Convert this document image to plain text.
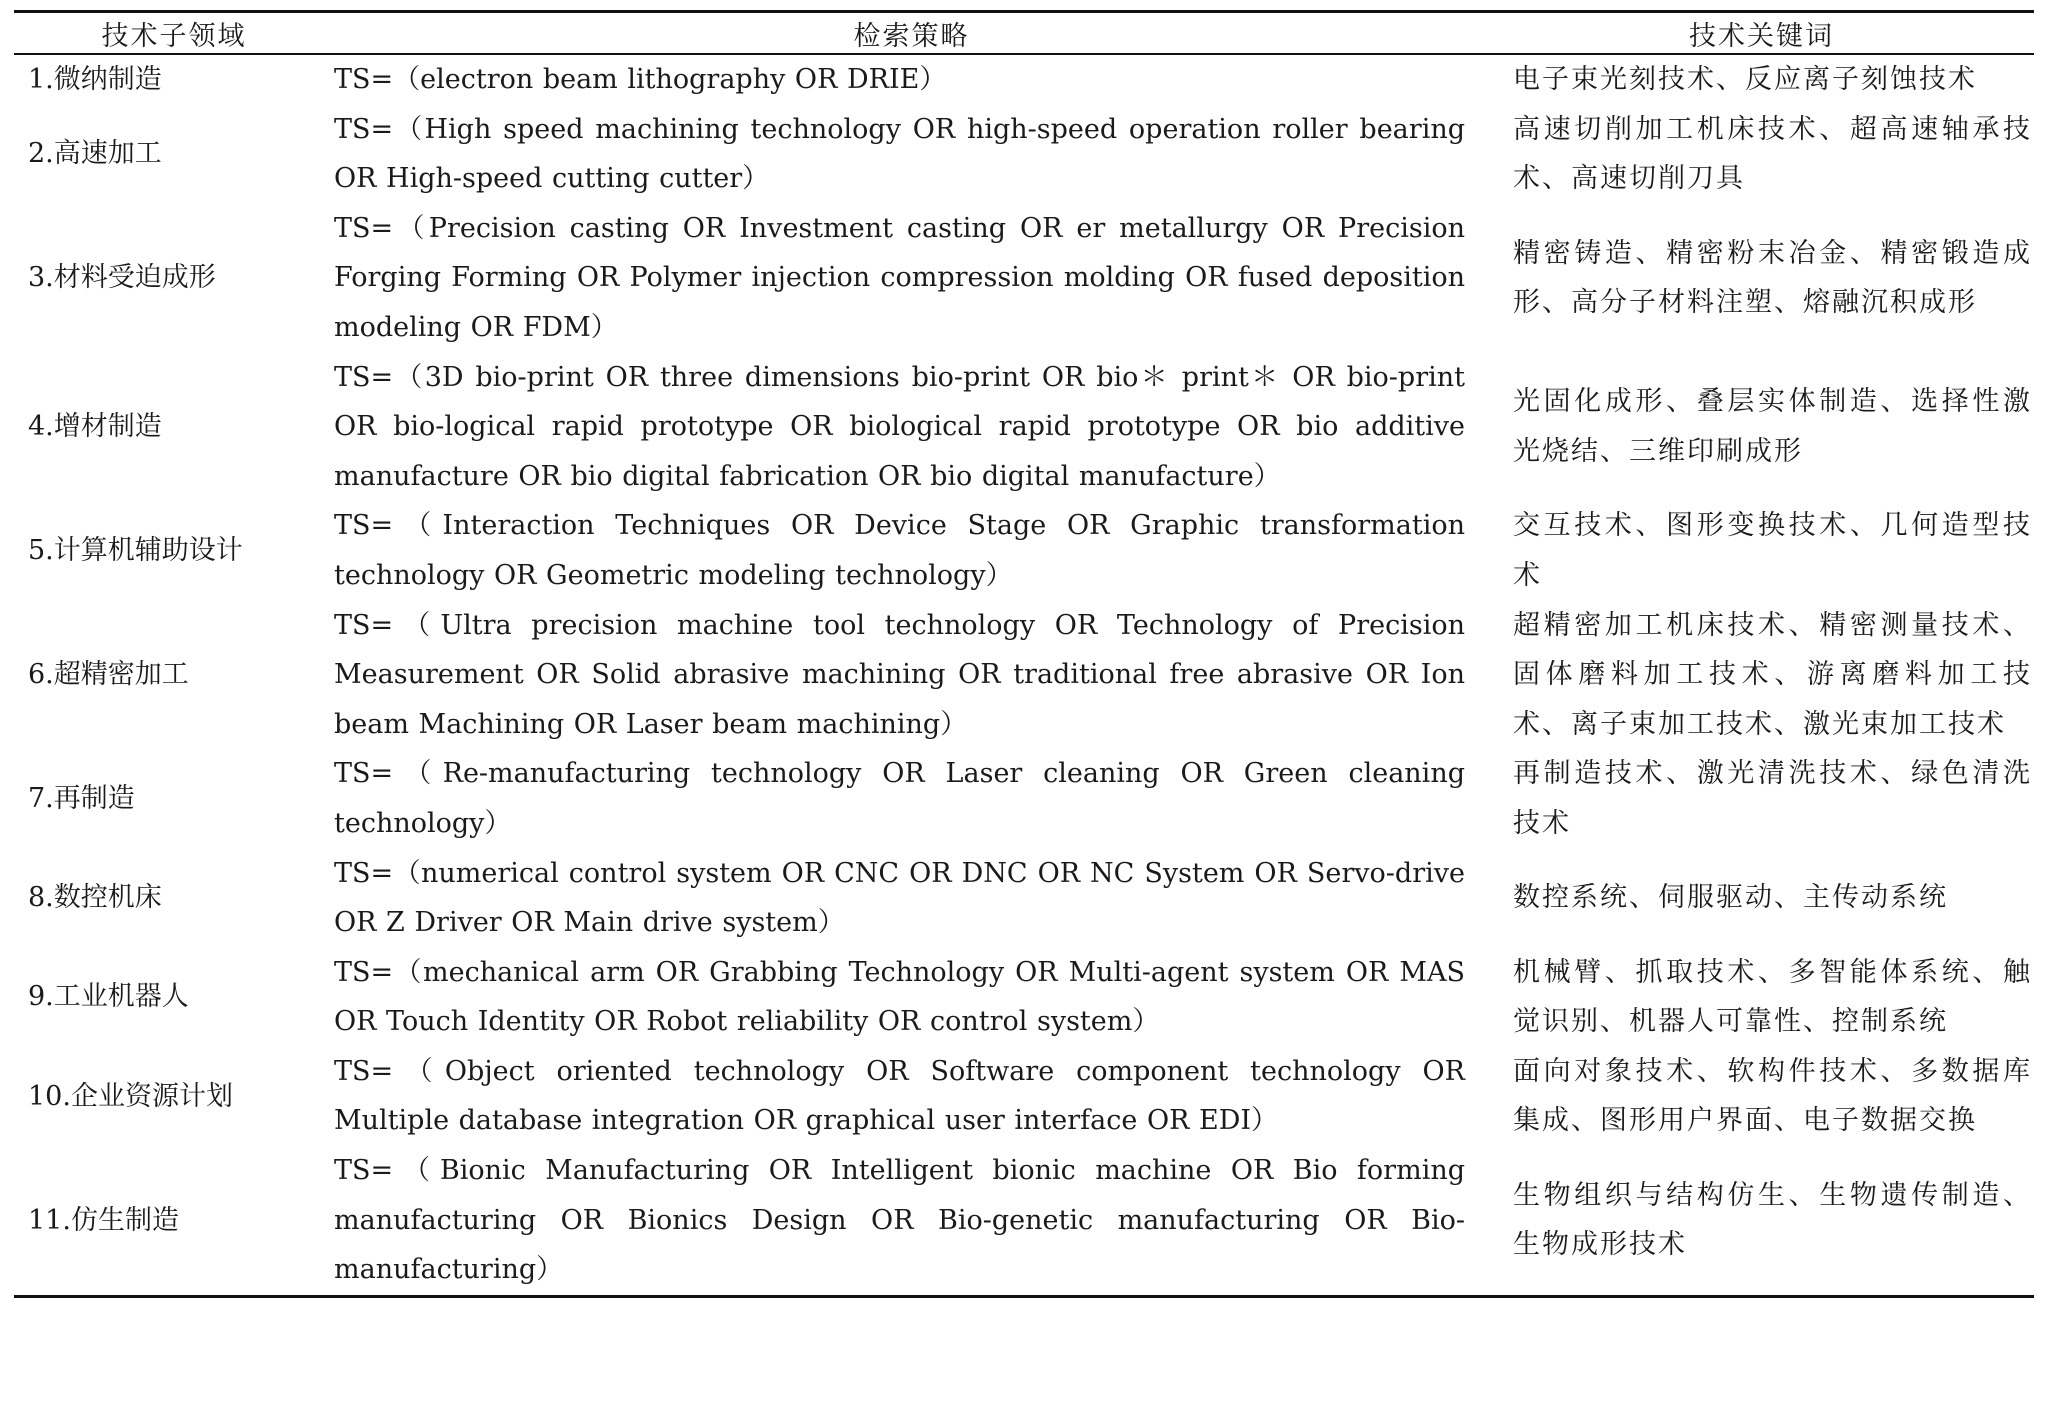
技术子领域	检索策略	技术关键词
1.微纳制造	TS=（electron beam lithography OR DRIE）	电子束光刻技术、反应离子刻蚀技术
2.高速加工	TS=（High speed machining technology OR high-speed operation roller bearing OR High-speed cutting cutter）	高速切削加工机床技术、超高速轴承技术、高速切削刀具
3.材料受迫成形	TS=（Precision casting OR Investment casting OR er metallurgy OR Precision Forging Forming OR Polymer injection compression molding OR fused deposition modeling OR FDM）	精密铸造、精密粉末冶金、精密锻造成形、高分子材料注塑、熔融沉积成形
4.增材制造	TS=（3D bio-print OR three dimensions bio-print OR bio＊ print＊ OR bio-print OR bio-logical rapid prototype OR biological rapid prototype OR bio additive manufacture OR bio digital fabrication OR bio digital manufacture）	光固化成形、叠层实体制造、选择性激光烧结、三维印刷成形
5.计算机辅助设计	TS=（Interaction Techniques OR Device Stage OR Graphic transformation technology OR Geometric modeling technology）	交互技术、图形变换技术、几何造型技术
6.超精密加工	TS=（Ultra precision machine tool technology OR Technology of Precision Measurement OR Solid abrasive machining OR traditional free abrasive OR Ion beam Machining OR Laser beam machining）	超精密加工机床技术、精密测量技术、固体磨料加工技术、游离磨料加工技术、离子束加工技术、激光束加工技术
7.再制造	TS=（Re-manufacturing technology OR Laser cleaning OR Green cleaning technology）	再制造技术、激光清洗技术、绿色清洗技术
8.数控机床	TS=（numerical control system OR CNC OR DNC OR NC System OR Servo-drive OR Z Driver OR Main drive system）	数控系统、伺服驱动、主传动系统
9.工业机器人	TS=（mechanical arm OR Grabbing Technology OR Multi-agent system OR MAS OR Touch Identity OR Robot reliability OR control system）	机械臂、抓取技术、多智能体系统、触觉识别、机器人可靠性、控制系统
10.企业资源计划	TS=（Object oriented technology OR Software component technology OR Multiple database integration OR graphical user interface OR EDI）	面向对象技术、软构件技术、多数据库集成、图形用户界面、电子数据交换
11.仿生制造	TS=（Bionic Manufacturing OR Intelligent bionic machine OR Bio forming manufacturing OR Bionics Design OR Bio-genetic manufacturing OR Bio-manufacturing）	生物组织与结构仿生、生物遗传制造、生物成形技术
